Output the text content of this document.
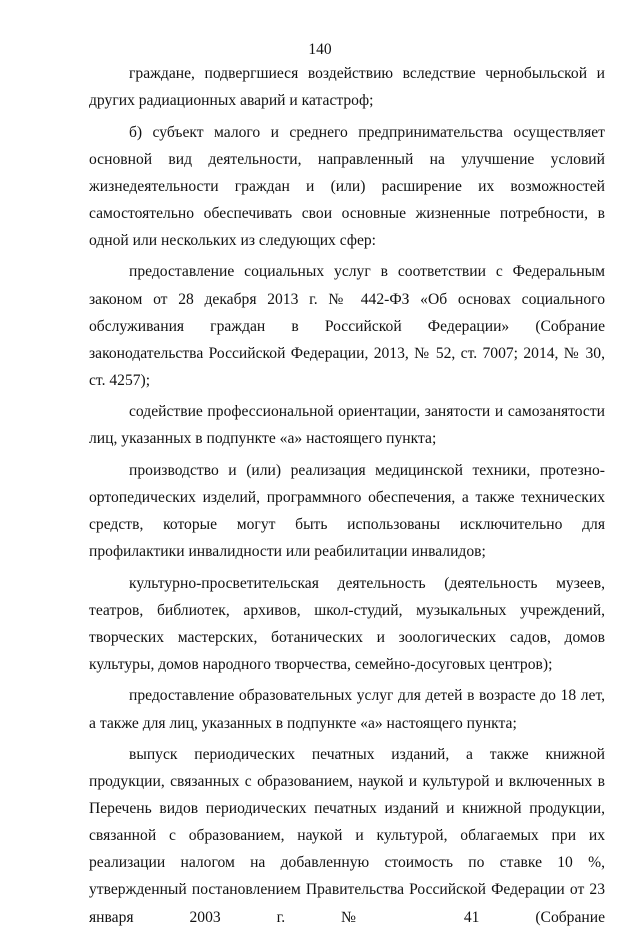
140

граждане, подвергшиеся воздействию вследствие чернобыльской и других радиационных аварий и катастроф;

б) субъект малого и среднего предпринимательства осуществляет основной вид деятельности, направленный на улучшение условий жизнедеятельности граждан и (или) расширение их возможностей самостоятельно обеспечивать свои основные жизненные потребности, в одной или нескольких из следующих сфер:

предоставление социальных услуг в соответствии с Федеральным законом от 28 декабря 2013 г. № 442-ФЗ «Об основах социального обслуживания граждан в Российской Федерации» (Собрание законодательства Российской Федерации, 2013, № 52, ст. 7007; 2014, № 30, ст. 4257);

содействие профессиональной ориентации, занятости и самозанятости лиц, указанных в подпункте «а» настоящего пункта;

производство и (или) реализация медицинской техники, протезно-ортопедических изделий, программного обеспечения, а также технических средств, которые могут быть использованы исключительно для профилактики инвалидности или реабилитации инвалидов;

культурно-просветительская деятельность (деятельность музеев, театров, библиотек, архивов, школ-студий, музыкальных учреждений, творческих мастерских, ботанических и зоологических садов, домов культуры, домов народного творчества, семейно-досуговых центров);

предоставление образовательных услуг для детей в возрасте до 18 лет, а также для лиц, указанных в подпункте «а» настоящего пункта;

выпуск периодических печатных изданий, а также книжной продукции, связанных с образованием, наукой и культурой и включенных в Перечень видов периодических печатных изданий и книжной продукции, связанной с образованием, наукой и культурой, облагаемых при их реализации налогом на добавленную стоимость по ставке 10 %, утвержденный постановлением Правительства Российской Федерации от 23 января 2003 г. № 41 (Собрание
